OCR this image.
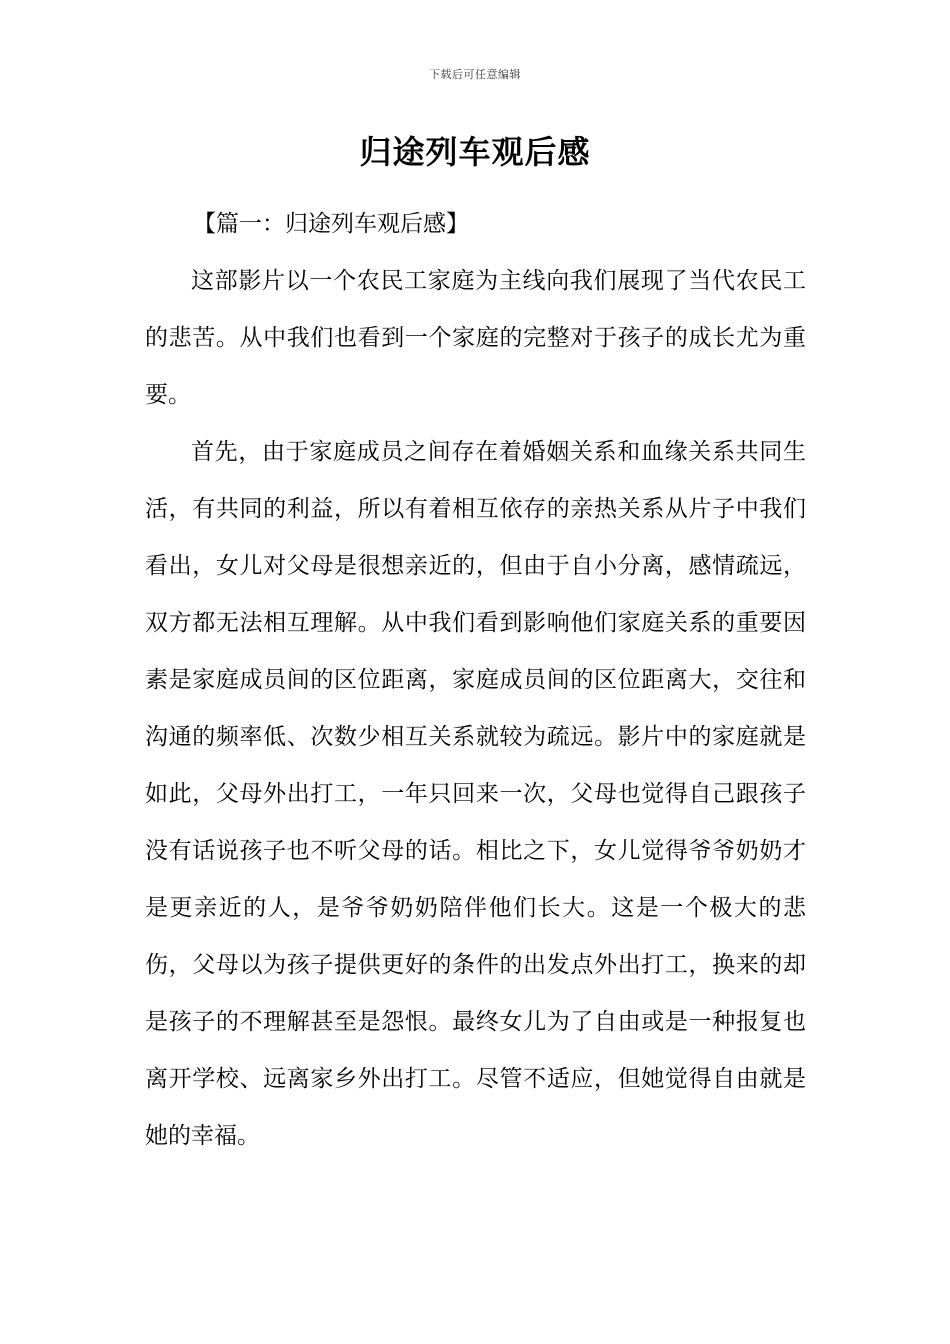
下载后可任意编辑
归途列车观后感

【篇一：归途列车观后感】

这部影片以一个农民工家庭为主线向我们展现了当代农民工的悲苦。从中我们也看到一个家庭的完整对于孩子的成长尤为重要。

首先，由于家庭成员之间存在着婚姻关系和血缘关系共同生活，有共同的利益，所以有着相互依存的亲热关系从片子中我们看出，女儿对父母是很想亲近的，但由于自小分离，感情疏远，双方都无法相互理解。从中我们看到影响他们家庭关系的重要因素是家庭成员间的区位距离，家庭成员间的区位距离大，交往和沟通的频率低、次数少相互关系就较为疏远。影片中的家庭就是如此，父母外出打工，一年只回来一次，父母也觉得自己跟孩子没有话说孩子也不听父母的话。相比之下，女儿觉得爷爷奶奶才是更亲近的人，是爷爷奶奶陪伴他们长大。这是一个极大的悲伤，父母以为孩子提供更好的条件的出发点外出打工，换来的却是孩子的不理解甚至是怨恨。最终女儿为了自由或是一种报复也离开学校、远离家乡外出打工。尽管不适应，但她觉得自由就是她的幸福。
